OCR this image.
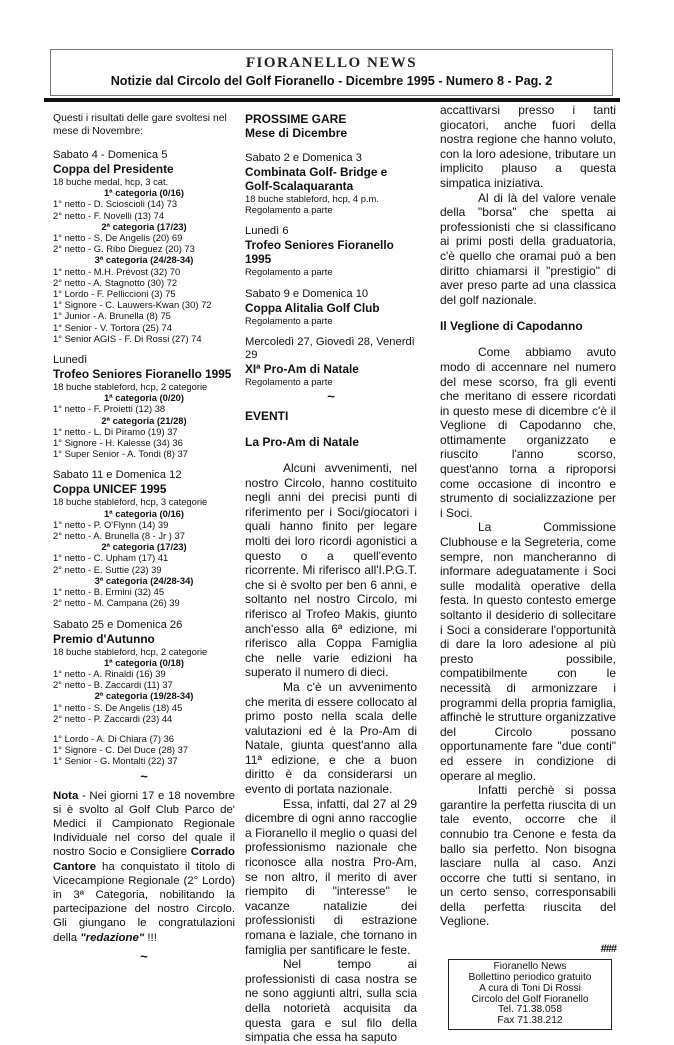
FIORANELLO NEWS
Notizie dal Circolo del Golf Fioranello - Dicembre 1995 - Numero 8 - Pag. 2

Questi i risultati delle gare svoltesi nel mese di Novembre:

Sabato 4 - Domenica 5
Coppa del Presidente
18 buche medal, hcp, 3 cat.
1ª categoria (0/16)
1° netto - D. Scioscioli (14) 73
2° netto - F. Novelli (13) 74
2ª categoria (17/23)
1° netto - S. De Angelis (20) 69
2° netto - G. Ribo Dieguez (20) 73
3ª categoria (24/28-34)
1° netto - M.H. Prévost (32) 70
2° netto - A. Stagnotto (30) 72
1° Lordo - F. Pelliccioni (3) 75
1° Signore - C. Lauwers-Kwan (30) 72
1° Junior - A. Brunella (8) 75
1° Senior - V. Tortora (25) 74
1° Senior AGIS - F. Di Rossi (27) 74
Lunedì
Trofeo Seniores Fioranello 1995
18 buche stableford, hcp, 2 categorie
1ª categoria (0/20)
1° netto - F. Proietti (12) 38
2ª categoria (21/28)
1° netto - L. Di Piramo (19) 37
1° Signore - H. Kalesse (34) 36
1° Super Senior - A. Tondi (8) 37
Sabato 11 e Domenica 12
Coppa UNICEF 1995
18 buche stableford, hcp, 3 categorie
1ª categoria (0/16)
1° netto - P. O'Flynn (14) 39
2° netto - A. Brunella (8 - Jr ) 37
2ª categoria (17/23)
1° netto - C. Upham (17) 41
2° netto - E. Suttie (23) 39
3ª categoria (24/28-34)
1° netto - B. Ermini (32) 45
2° netto - M. Campana (26) 39
Sabato 25 e Domenica 26
Premio d'Autunno
18 buche stableford, hcp, 2 categorie
1ª categoria (0/18)
1° netto - A. Rinaldi (16) 39
2° netto - B. Zaccardi (11) 37
2ª categoria (19/28-34)
1° netto - S. De Angelis (18) 45
2° netto - P. Zaccardi (23) 44
1° Lordo - A. Di Chiara (7) 36
1° Signore - C. Del Duce (28) 37
1° Senior - G. Montalti (22) 37
~

Nota - Nei giorni 17 e 18 novembre si è svolto al Golf Club Parco de' Medici il Campionato Regionale Individuale nel corso del quale il nostro Socio e Consigliere Corrado Cantore ha conquistato il titolo di Vicecampione Regionale (2° Lordo) in 3ª Categoria, nobilitando la partecipazione del nostro Circolo. Gli giungano le congratulazioni della "redazione" !!!

~
PROSSIME GARE
Mese di Dicembre
Sabato 2 e Domenica 3
Combinata Golf- Bridge e Golf-Scalaquaranta
18 buche stableford, hcp, 4 p.m.
Regolamento a parte
Lunedì 6
Trofeo Seniores Fioranello 1995
Regolamento a parte
Sabato 9 e Domenica 10
Coppa Alitalia Golf Club
Regolamento a parte
Mercoledì 27, Giovedì 28, Venerdì 29
XIª Pro-Am di Natale
Regolamento a parte
~
EVENTI
La Pro-Am di Natale

Alcuni avvenimenti, nel nostro Circolo, hanno costituito negli anni dei precisi punti di riferimento per i Soci/giocatori i quali hanno finito per legare molti dei loro ricordi agonistici a questo o a quell'evento ricorrente. Mi riferisco all'I.P.G.T. che si è svolto per ben 6 anni, e soltanto nel nostro Circolo, mi riferisco al Trofeo Makis, giunto anch'esso alla 6ª edizione, mi riferisco alla Coppa Famiglia che nelle varie edizioni ha superato il numero di dieci.

Ma c'è un avvenimento che merita di essere collocato al primo posto nella scala delle valutazioni ed è la Pro-Am di Natale, giunta quest'anno alla 11ª edizione, e che a buon diritto è da considerarsi un evento di portata nazionale.

Essa, infatti, dal 27 al 29 dicembre di ogni anno raccoglie a Fioranello il meglio o quasi del professionismo nazionale che riconosce alla nostra Pro-Am, se non altro, il merito di aver riempito di "interesse" le vacanze natalizie dei professionisti di estrazione romana e laziale, che tornano in famiglia per santificare le feste.

Nel tempo ai professionisti di casa nostra se ne sono aggiunti altri, sulla scia della notorietà acquisita da questa gara e sul filo della simpatia che essa ha saputo

accattivarsi presso i tanti giocatori, anche fuori della nostra regione che hanno voluto, con la loro adesione, tributare un implicito plauso a questa simpatica iniziativa.

Al di là del valore venale della "borsa" che spetta ai professionisti che si classificano ai primi posti della graduatoria, c'è quello che oramai può a ben diritto chiamarsi il "prestigio" di aver preso parte ad una classica del golf nazionale.

Il Veglione di Capodanno

Come abbiamo avuto modo di accennare nel numero del mese scorso, fra gli eventi che meritano di essere ricordati in questo mese di dicembre c'è il Veglione di Capodanno che, ottimamente organizzato e riuscito l'anno scorso, quest'anno torna a riproporsi come occasione di incontro e strumento di socializzazione per i Soci.

La Commissione Clubhouse e la Segreteria, come sempre, non mancheranno di informare adeguatamente i Soci sulle modalità operative della festa. In questo contesto emerge soltanto il desiderio di sollecitare i Soci a considerare l'opportunità di dare la loro adesione al più presto possibile, compatibilmente con le necessità di armonizzare i programmi della propria famiglia, affinchè le strutture organizzative del Circolo possano opportunamente fare "due conti" ed essere in condizione di operare al meglio.

Infatti perchè si possa garantire la perfetta riuscita di un tale evento, occorre che il connubio tra Cenone e festa da ballo sia perfetto. Non bisogna lasciare nulla al caso. Anzi occorre che tutti si sentano, in un certo senso, corresponsabili della perfetta riuscita del Veglione.

###
Fioranello News
Bollettino periodico gratuito
A cura di Toni Di Rossi
Circolo del Golf Fioranello
Tel. 71.38.058
Fax 71.38.212
